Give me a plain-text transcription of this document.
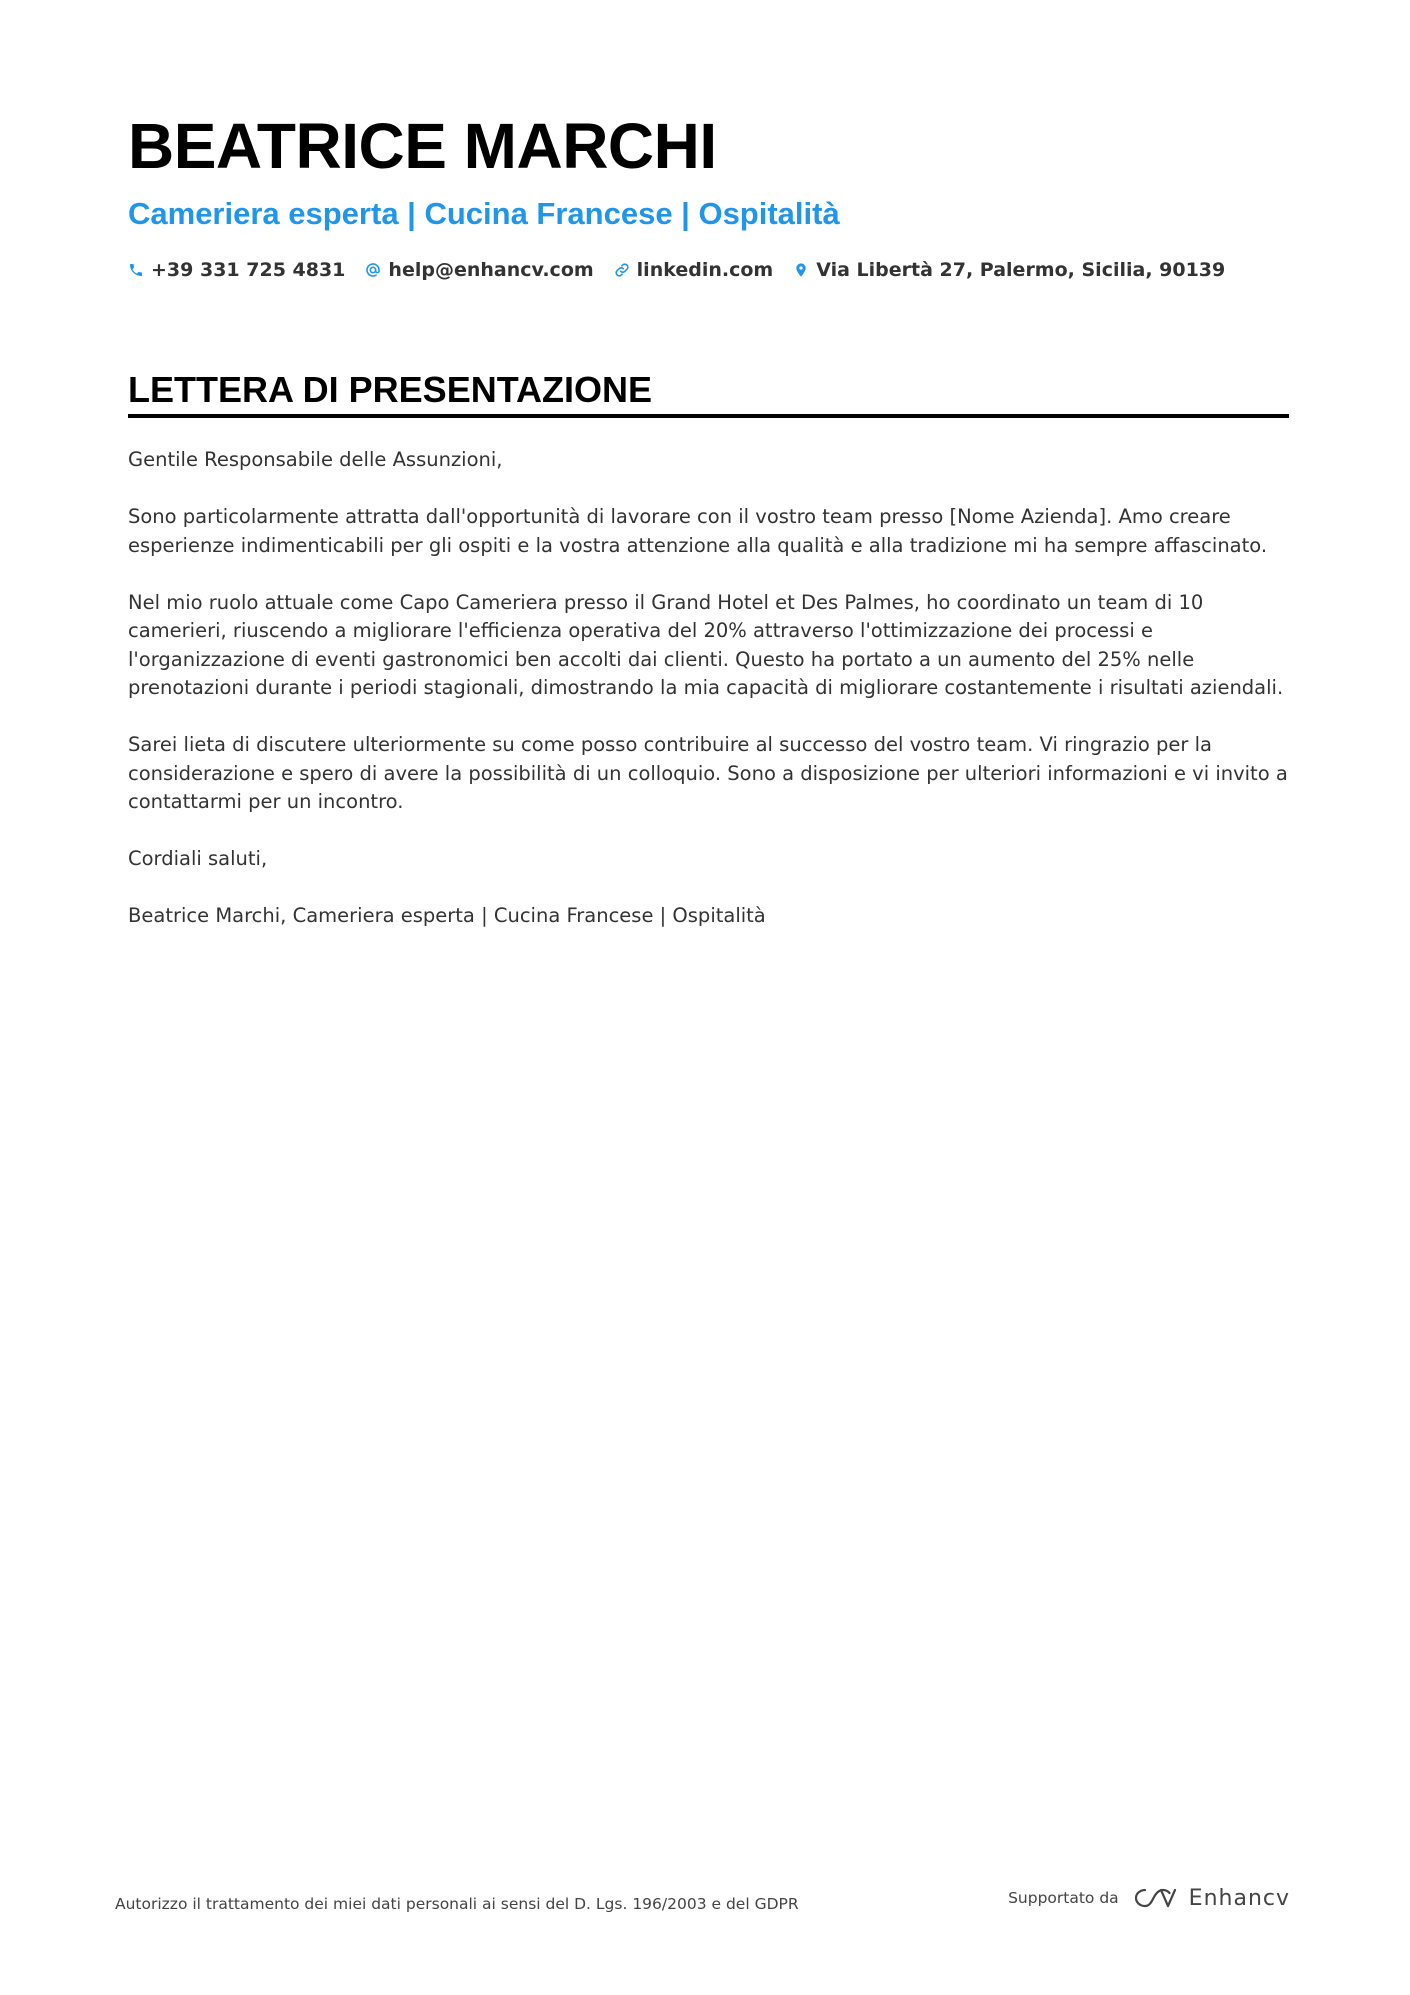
BEATRICE MARCHI
Cameriera esperta | Cucina Francese | Ospitalità
+39 331 725 4831 help@enhancv.com linkedin.com Via Libertà 27, Palermo, Sicilia, 90139
LETTERA DI PRESENTAZIONE

Gentile Responsabile delle Assunzioni,

Sono particolarmente attratta dall'opportunità di lavorare con il vostro team presso [Nome Azienda]. Amo creare esperienze indimenticabili per gli ospiti e la vostra attenzione alla qualità e alla tradizione mi ha sempre affascinato.

Nel mio ruolo attuale come Capo Cameriera presso il Grand Hotel et Des Palmes, ho coordinato un team di 10 camerieri, riuscendo a migliorare l'efficienza operativa del 20% attraverso l'ottimizzazione dei processi e l'organizzazione di eventi gastronomici ben accolti dai clienti. Questo ha portato a un aumento del 25% nelle prenotazioni durante i periodi stagionali, dimostrando la mia capacità di migliorare costantemente i risultati aziendali.

Sarei lieta di discutere ulteriormente su come posso contribuire al successo del vostro team. Vi ringrazio per la considerazione e spero di avere la possibilità di un colloquio. Sono a disposizione per ulteriori informazioni e vi invito a contattarmi per un incontro.

Cordiali saluti,

Beatrice Marchi, Cameriera esperta | Cucina Francese | Ospitalità

Autorizzo il trattamento dei miei dati personali ai sensi del D. Lgs. 196/2003 e del GDPR	Supportato da	Enhancv
